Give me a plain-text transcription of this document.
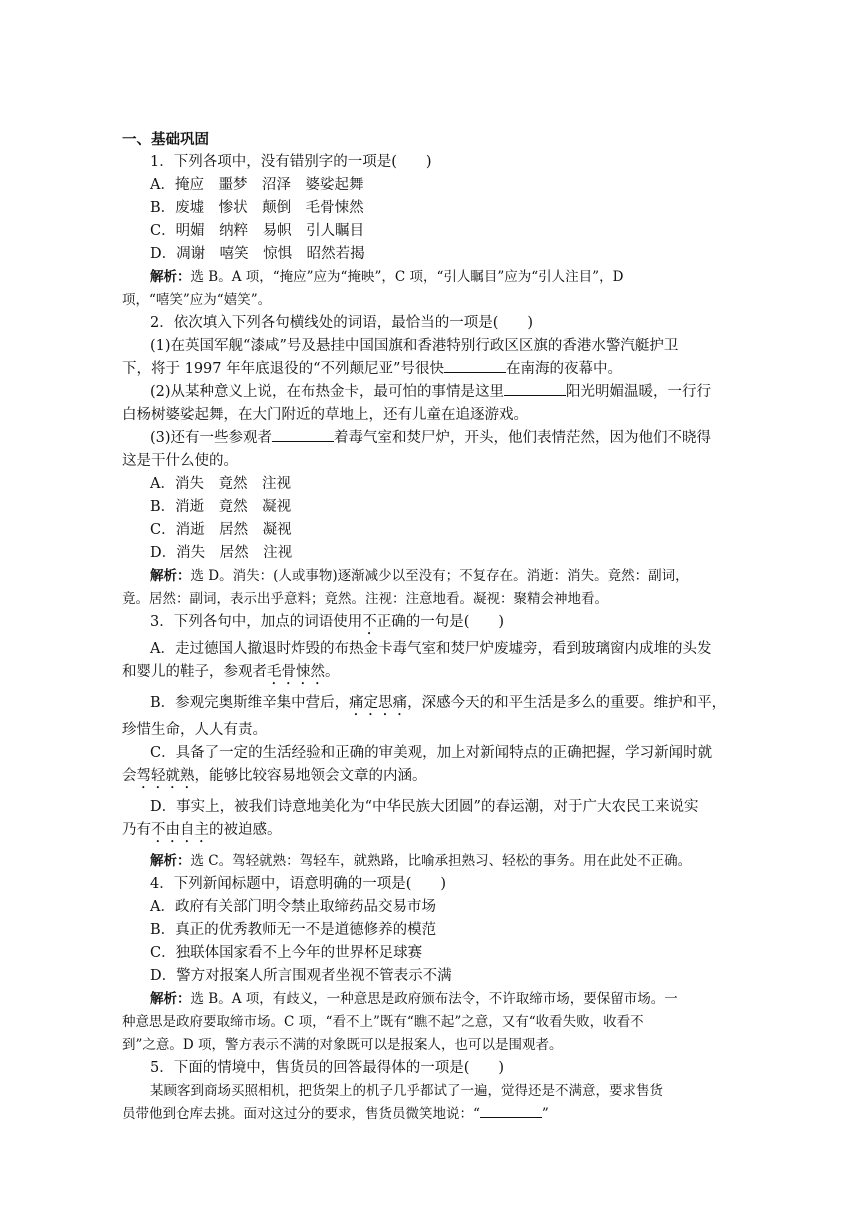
一、基础巩固
1．下列各项中，没有错别字的一项是(　　)
A．掩应　噩梦　沼泽　婆娑起舞
B．废墟　惨状　颠倒　毛骨悚然
C．明媚　纳粹　易帜　引人瞩目
D．凋谢　嘻笑　惊惧　昭然若揭
解析：选 B。A 项，“掩应”应为“掩映”，C 项，“引人瞩目”应为“引人注目”，D
项，“嘻笑”应为“嬉笑”。
2．依次填入下列各句横线处的词语，最恰当的一项是(　　)
(1)在英国军舰“漆咸”号及悬挂中国国旗和香港特别行政区区旗的香港水警汽艇护卫
下，将于 1997 年年底退役的“不列颠尼亚”号很快	在南海的夜幕中。
(2)从某种意义上说，在布热金卡，最可怕的事情是这里	阳光明媚温暖，一行行
白杨树婆娑起舞，在大门附近的草地上，还有儿童在追逐游戏。
(3)还有一些参观者	着毒气室和焚尸炉，开头，他们表情茫然，因为他们不晓得
这是干什么使的。
A．消失　竟然　注视
B．消逝　竟然　凝视
C．消逝　居然　凝视
D．消失　居然　注视
解析：选 D。消失：(人或事物)逐渐减少以至没有；不复存在。消逝：消失。竟然：副词，
竟。居然：副词，表示出乎意料；竟然。注视：注意地看。凝视：聚精会神地看。
3．下列各句中，加点的词语使用不正确的一句是(　　)
A．走过德国人撤退时炸毁的布热金卡毒气室和焚尸炉废墟旁，看到玻璃窗内成堆的头发
和婴儿的鞋子，参观者毛骨悚然。
B．参观完奥斯维辛集中营后，痛定思痛，深感今天的和平生活是多么的重要。维护和平，
珍惜生命，人人有责。
C．具备了一定的生活经验和正确的审美观，加上对新闻特点的正确把握，学习新闻时就
会驾轻就熟，能够比较容易地领会文章的内涵。
D．事实上，被我们诗意地美化为“中华民族大团圆”的春运潮，对于广大农民工来说实
乃有不由自主的被迫感。
解析：选 C。驾轻就熟：驾轻车，就熟路，比喻承担熟习、轻松的事务。用在此处不正确。
4．下列新闻标题中，语意明确的一项是(　　)
A．政府有关部门明令禁止取缔药品交易市场
B．真正的优秀教师无一不是道德修养的模范
C．独联体国家看不上今年的世界杯足球赛
D．警方对报案人所言围观者坐视不管表示不满
解析：选 B。A 项，有歧义，一种意思是政府颁布法令，不许取缔市场，要保留市场。一
种意思是政府要取缔市场。C 项，“看不上”既有“瞧不起”之意，又有“收看失败，收看不
到”之意。D 项，警方表示不满的对象既可以是报案人，也可以是围观者。
5．下面的情境中，售货员的回答最得体的一项是(　　)
某顾客到商场买照相机，把货架上的机子几乎都试了一遍，觉得还是不满意，要求售货
员带他到仓库去挑。面对这过分的要求，售货员微笑地说：“	”
